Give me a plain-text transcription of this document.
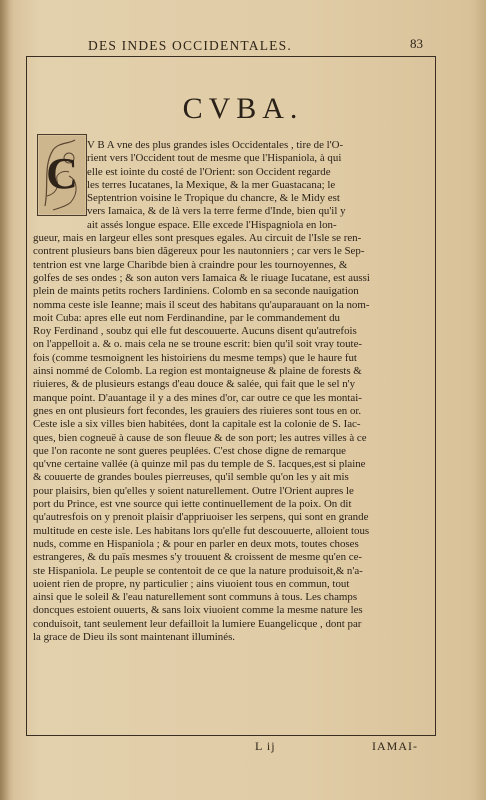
DES INDES OCCIDENTALES.	83
CVBA.
C
V B A vne des plus grandes isles Occidentales , tire de l'O-
rient vers l'Occident tout de mesme que l'Hispaniola, à qui
elle est iointe du costé de l'Orient: son Occident regarde
les terres Iucatanes, la Mexique, & la mer Guastacana; le
Septentrion voisine le Tropique du chancre, & le Midy est
vers Iamaica, & de là vers la terre ferme d'Inde, bien qu'il y
ait assés longue espace. Elle excede l'Hispagniola en lon-
gueur, mais en largeur elles sont presques egales. Au circuit de l'Isle se ren-
contrent plusieurs bans bien dãgereux pour les nautonniers ; car vers le Sep-
tentrion est vne large Charibde bien à craindre pour les tournoyennes, &
golfes de ses ondes ; & son auton vers Iamaica & le riuage Iucatane, est aussi
plein de maints petits rochers Iardiniens. Colomb en sa seconde nauigation
nomma ceste isle Ieanne; mais il sceut des habitans qu'auparauant on la nom-
moit Cuba: apres elle eut nom Ferdinandine, par le commandement du
Roy Ferdinand , soubz qui elle fut descouuerte. Aucuns disent qu'autrefois
on l'appelloit a. & o. mais cela ne se troune escrit: bien qu'il soit vray toute-
fois (comme tesmoignent les histoiriens du mesme temps) que le haure fut
ainsi nommé de Colomb. La region est montaigneuse & plaine de forests &
riuieres, & de plusieurs estangs d'eau douce & salée, qui fait que le sel n'y
manque point. D'auantage il y a des mines d'or, car outre ce que les montai-
gnes en ont plusieurs fort fecondes, les grauiers des riuieres sont tous en or.
Ceste isle a six villes bien habitées, dont la capitale est la colonie de S. Iac-
ques, bien cogneuë à cause de son fleuue & de son port; les autres villes à ce
que l'on raconte ne sont gueres peuplées. C'est chose digne de remarque
qu'vne certaine vallée (à quinze mil pas du temple de S. Iacques,est si plaine
& couuerte de grandes boules pierreuses, qu'il semble qu'on les y ait mis
pour plaisirs, bien qu'elles y soient naturellement. Outre l'Orient aupres le
port du Prince, est vne source qui iette continuellement de la poix. On dit
qu'autresfois on y prenoit plaisir d'appriuoiser les serpens, qui sont en grande
multitude en ceste isle. Les habitans lors qu'elle fut descouuerte, alloient tous
nuds, comme en Hispaniola ; & pour en parler en deux mots, toutes choses
estrangeres, & du païs mesmes s'y trouuent & croissent de mesme qu'en ce-
ste Hispaniola. Le peuple se contentoit de ce que la nature produisoit,& n'a-
uoient rien de propre, ny particulier ; ains viuoient tous en commun, tout
ainsi que le soleil & l'eau naturellement sont communs à tous. Les champs
doncques estoient ouuerts, & sans loix viuoient comme la mesme nature les
conduisoit, tant seulement leur defailloit la lumiere Euangelicque , dont par
la grace de Dieu ils sont maintenant illuminés.
L ij	IAMAI-
